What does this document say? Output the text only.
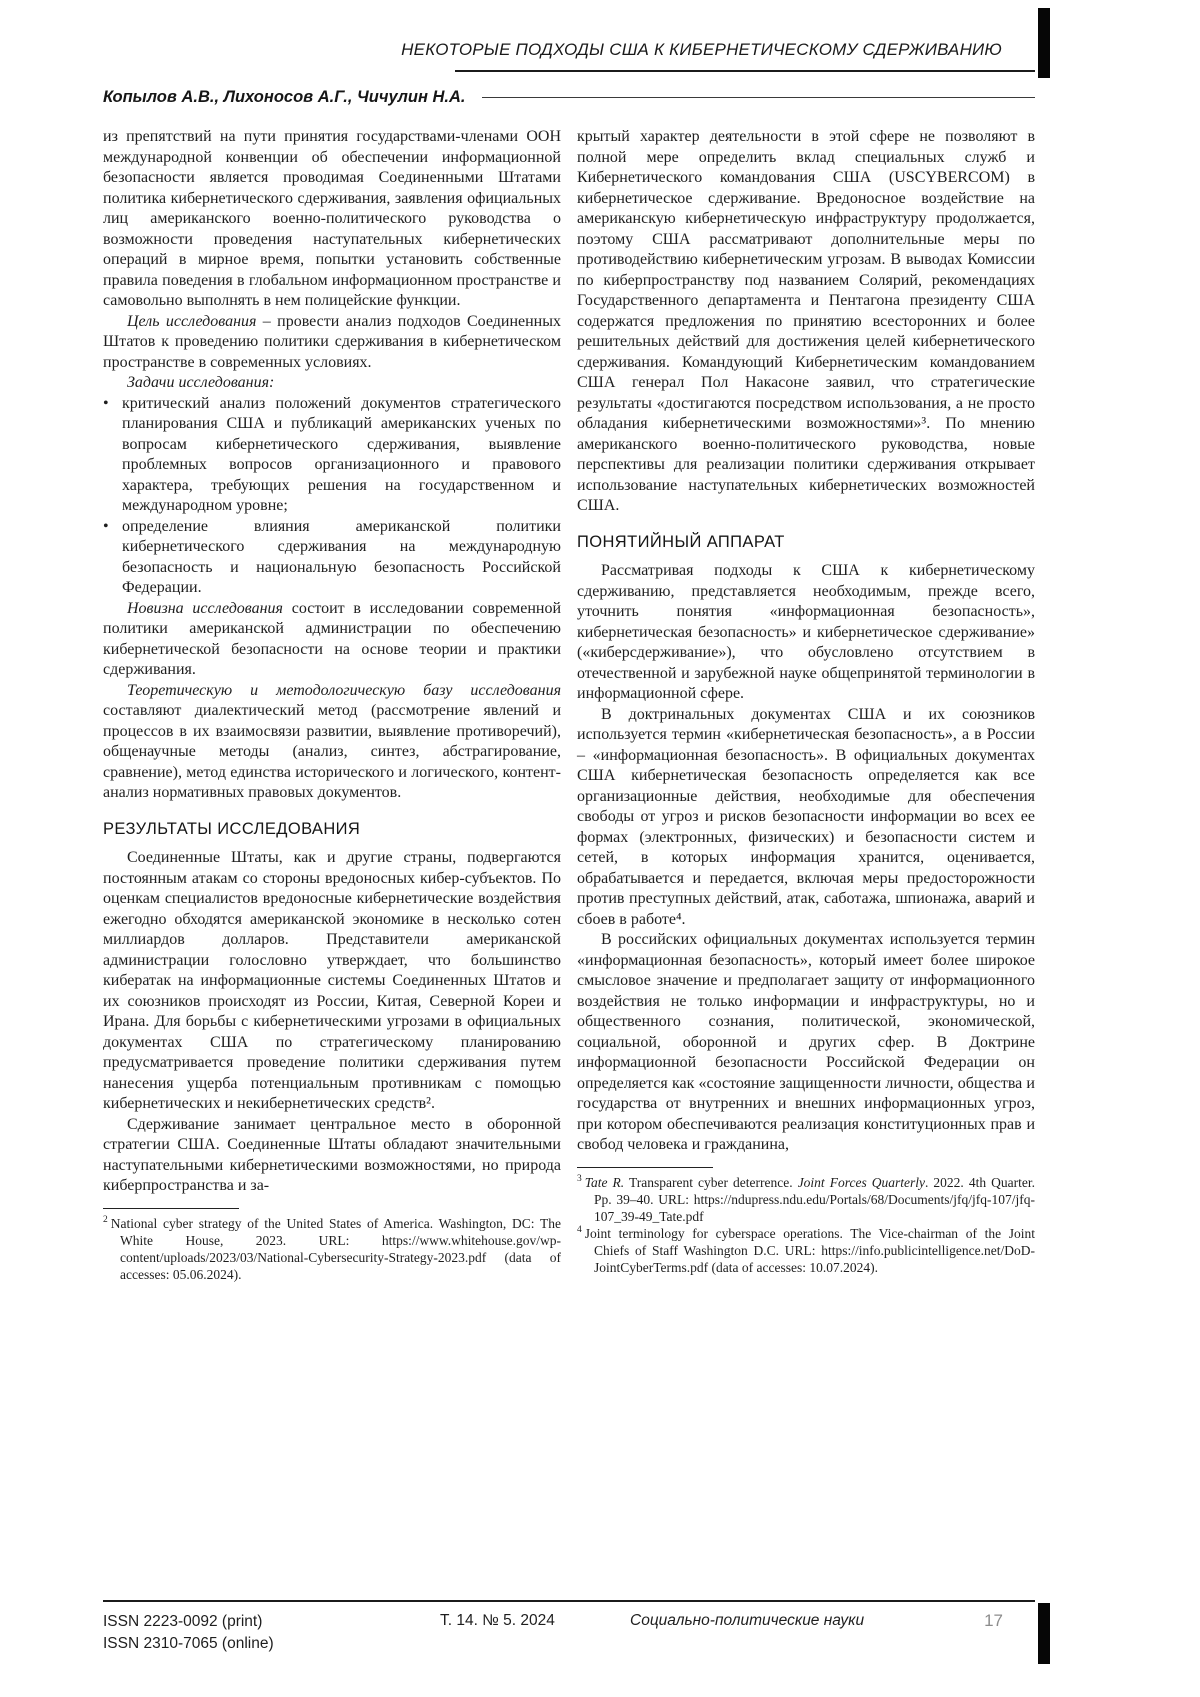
НЕКОТОРЫЕ ПОДХОДЫ США К КИБЕРНЕТИЧЕСКОМУ СДЕРЖИВАНИЮ
Копылов А.В., Лихоносов А.Г., Чичулин Н.А.

из препятствий на пути принятия государствами-членами ООН международной конвенции об обеспечении информационной безопасности является проводимая Соединенными Штатами политика кибернетического сдерживания, заявления официальных лиц американского военно-политического руководства о возможности проведения наступательных кибернетических операций в мирное время, попытки установить собственные правила поведения в глобальном информационном пространстве и самовольно выполнять в нем полицейские функции.

Цель исследования – провести анализ подходов Соединенных Штатов к проведению политики сдерживания в кибернетическом пространстве в современных условиях.

Задачи исследования:

• критический анализ положений документов стратегического планирования США и публикаций американских ученых по вопросам кибернетического сдерживания, выявление проблемных вопросов организационного и правового характера, требующих решения на государственном и международном уровне;
• определение влияния американской политики кибернетического сдерживания на международную безопасность и национальную безопасность Российской Федерации.

Новизна исследования состоит в исследовании современной политики американской администрации по обеспечению кибернетической безопасности на основе теории и практики сдерживания.

Теоретическую и методологическую базу исследования составляют диалектический метод (рассмотрение явлений и процессов в их взаимосвязи развитии, выявление противоречий), общенаучные методы (анализ, синтез, абстрагирование, сравнение), метод единства исторического и логического, контент-анализ нормативных правовых документов.

РЕЗУЛЬТАТЫ ИССЛЕДОВАНИЯ

Соединенные Штаты, как и другие страны, подвергаются постоянным атакам со стороны вредоносных кибер-субъектов. По оценкам специалистов вредоносные кибернетические воздействия ежегодно обходятся американской экономике в несколько сотен миллиардов долларов. Представители американской администрации голословно утверждает, что большинство кибератак на информационные системы Соединенных Штатов и их союзников происходят из России, Китая, Северной Кореи и Ирана. Для борьбы с кибернетическими угрозами в официальных документах США по стратегическому планированию предусматривается проведение политики сдерживания путем нанесения ущерба потенциальным противникам с помощью кибернетических и некибернетических средств².

Сдерживание занимает центральное место в оборонной стратегии США. Соединенные Штаты обладают значительными наступательными кибернетическими возможностями, но природа киберпространства и за-

$^2$ National cyber strategy of the United States of America. Washington, DC: The White House, 2023. URL: https://www.whitehouse.gov/wp-content/uploads/2023/03/National-Cybersecurity-Strategy-2023.pdf (data of accesses: 05.06.2024).

крытый характер деятельности в этой сфере не позволяют в полной мере определить вклад специальных служб и Кибернетического командования США (USCYBERCOM) в кибернетическое сдерживание. Вредоносное воздействие на американскую кибернетическую инфраструктуру продолжается, поэтому США рассматривают дополнительные меры по противодействию кибернетическим угрозам. В выводах Комиссии по киберпространству под названием Солярий, рекомендациях Государственного департамента и Пентагона президенту США содержатся предложения по принятию всесторонних и более решительных действий для достижения целей кибернетического сдерживания. Командующий Кибернетическим командованием США генерал Пол Накасоне заявил, что стратегические результаты «достигаются посредством использования, а не просто обладания кибернетическими возможностями»³. По мнению американского военно-политического руководства, новые перспективы для реализации политики сдерживания открывает использование наступательных кибернетических возможностей США.

ПОНЯТИЙНЫЙ АППАРАТ

Рассматривая подходы к США к кибернетическому сдерживанию, представляется необходимым, прежде всего, уточнить понятия «информационная безопасность», кибернетическая безопасность» и кибернетическое сдерживание» («киберсдерживание»), что обусловлено отсутствием в отечественной и зарубежной науке общепринятой терминологии в информационной сфере.

В доктринальных документах США и их союзников используется термин «кибернетическая безопасность», а в России – «информационная безопасность». В официальных документах США кибернетическая безопасность определяется как все организационные действия, необходимые для обеспечения свободы от угроз и рисков безопасности информации во всех ее формах (электронных, физических) и безопасности систем и сетей, в которых информация хранится, оценивается, обрабатывается и передается, включая меры предосторожности против преступных действий, атак, саботажа, шпионажа, аварий и сбоев в работе⁴.

В российских официальных документах используется термин «информационная безопасность», который имеет более широкое смысловое значение и предполагает защиту от информационного воздействия не только информации и инфраструктуры, но и общественного сознания, политической, экономической, социальной, оборонной и других сфер. В Доктрине информационной безопасности Российской Федерации он определяется как «состояние защищенности личности, общества и государства от внутренних и внешних информационных угроз, при котором обеспечиваются реализация конституционных прав и свобод человека и гражданина,

$^3$ Tate R. Transparent cyber deterrence. Joint Forces Quarterly. 2022. 4th Quarter. Pp. 39–40. URL: https://ndupress.ndu.edu/Portals/68/Documents/jfq/jfq-107/jfq-107_39-49_Tate.pdf

$^4$ Joint terminology for cyberspace operations. The Vice-chairman of the Joint Chiefs of Staff Washington D.C. URL: https://info.publicintelligence.net/DoD-JointCyberTerms.pdf (data of accesses: 10.07.2024).

ISSN 2223-0092 (print)
ISSN 2310-7065 (online)
Т. 14. № 5. 2024	Социально-политические науки	17
